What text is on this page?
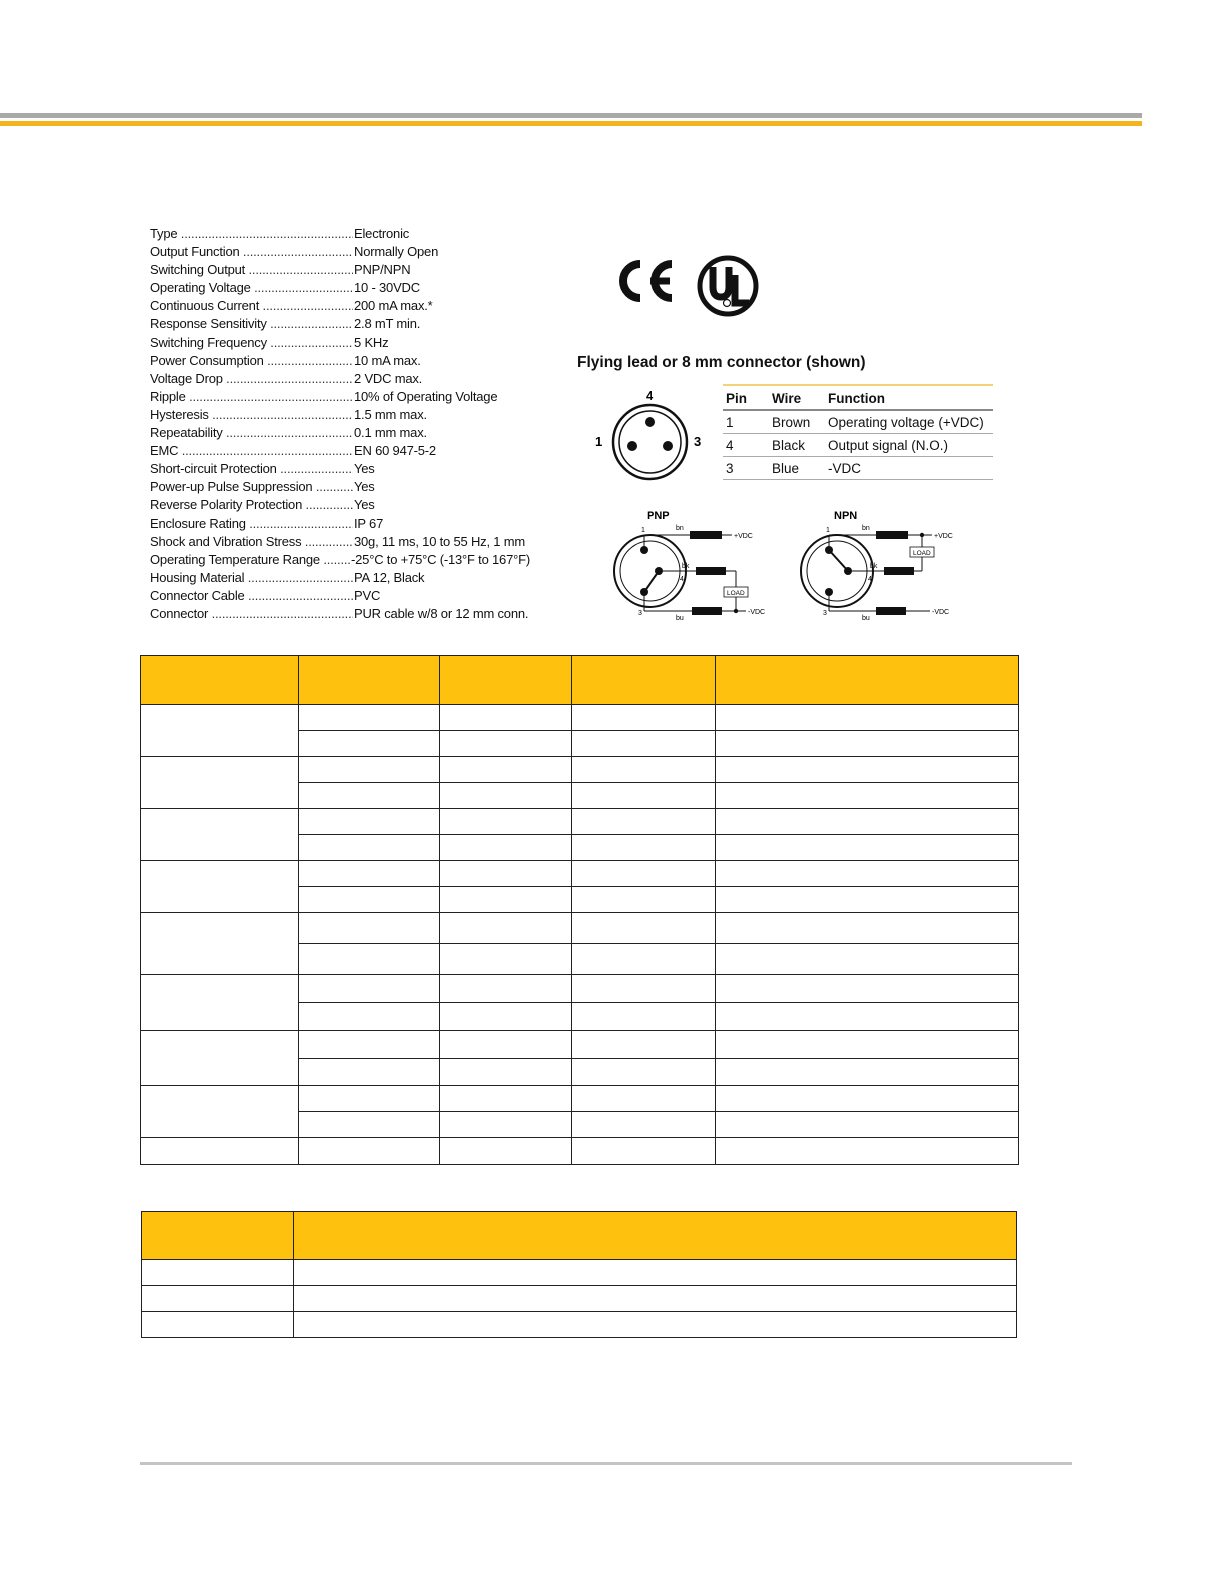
Type .....	Electronic
Output Function .....	Normally Open
Switching Output .....	PNP/NPN
Operating Voltage .....	10 - 30VDC
Continuous Current .....	200 mA max.*
Response Sensitivity .....	2.8 mT min.
Switching Frequency .....	5 KHz
Power Consumption .....	10 mA max.
Voltage Drop .....	2 VDC max.
Ripple .....	10% of Operating Voltage
Hysteresis .....	1.5 mm max.
Repeatability .....	0.1 mm max.
EMC .....	EN 60 947-5-2
Short-circuit Protection .....	Yes
Power-up Pulse Suppression .....	Yes
Reverse Polarity Protection .....	Yes
Enclosure Rating .....	IP 67
Shock and Vibration Stress .....	30g, 11 ms, 10 to 55 Hz, 1 mm
Operating Temperature Range .....	-25°C to +75°C (-13°F to 167°F)
Housing Material .....	PA 12, Black
Connector Cable .....	PVC
Connector .....	PUR cable w/8 or 12 mm conn.
Flying lead or 8 mm connector (shown)
4
1	3
Pin	Wire	Function
1	Brown	Operating voltage (+VDC)
4	Black	Output signal (N.O.)
3	Blue	-VDC
PNP
+VDC
bn
LOAD
bk
4
-VDC
bu
1
3
NPN
+VDC
bn
LOAD
bk
4
-VDC
bu
1
3
